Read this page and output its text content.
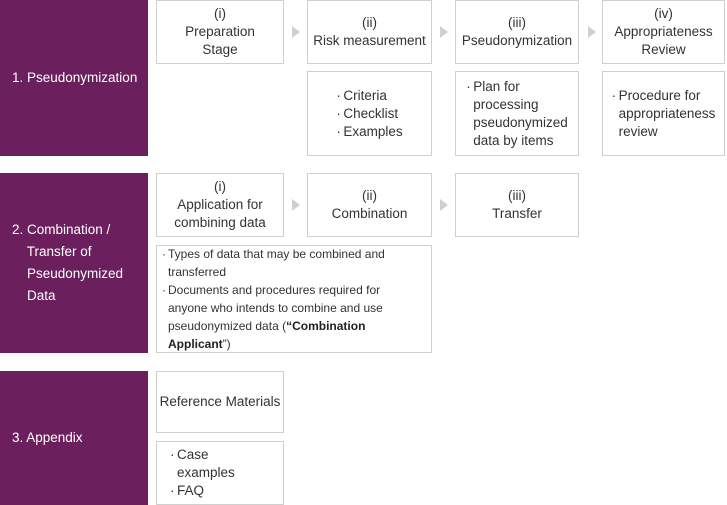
1. Pseudonymization
(i)
Preparation
Stage
(ii)
Risk measurement
(iii)
Pseudonymization
(iv)
Appropriateness
Review
· Criteria
· Checklist
· Examples
· Plan for
processing
pseudonymized
data by items
· Procedure for
appropriateness
review
2. Combination /
Transfer of
Pseudonymized
Data
(i)
Application for
combining data
(ii)
Combination
(iii)
Transfer
· Types of data that may be combined and transferred
· Documents and procedures required for anyone who intends to combine and use pseudonymized data (“Combination Applicant”)
3. Appendix
Reference Materials
· Case examples
· FAQ
